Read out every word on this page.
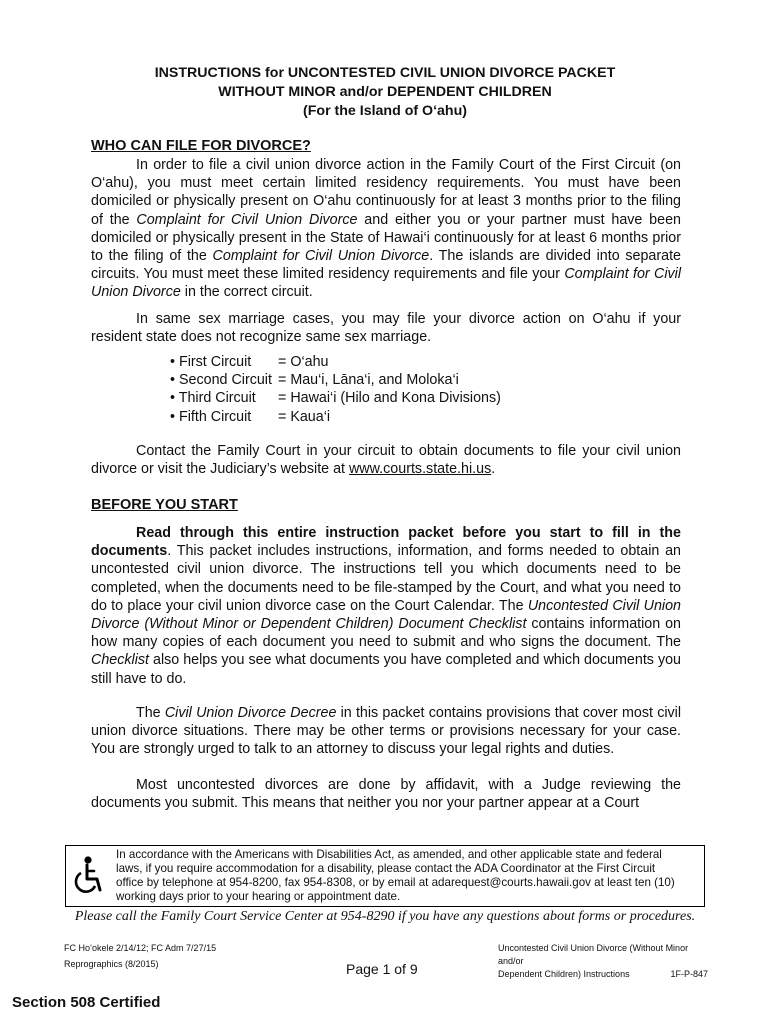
INSTRUCTIONS for UNCONTESTED CIVIL UNION DIVORCE PACKET
WITHOUT MINOR and/or DEPENDENT CHILDREN
(For the Island of O‘ahu)
WHO CAN FILE FOR DIVORCE?
In order to file a civil union divorce action in the Family Court of the First Circuit (on O‘ahu), you must meet certain limited residency requirements. You must have been domiciled or physically present on O‘ahu continuously for at least 3 months prior to the filing of the Complaint for Civil Union Divorce and either you or your partner must have been domiciled or physically present in the State of Hawai‘i continuously for at least 6 months prior to the filing of the Complaint for Civil Union Divorce. The islands are divided into separate circuits. You must meet these limited residency requirements and file your Complaint for Civil Union Divorce in the correct circuit.
In same sex marriage cases, you may file your divorce action on O‘ahu if your resident state does not recognize same sex marriage.
• First Circuit = O‘ahu
• Second Circuit = Mau‘i, Lāna‘i, and Moloka‘i
• Third Circuit = Hawai‘i (Hilo and Kona Divisions)
• Fifth Circuit = Kaua‘i
Contact the Family Court in your circuit to obtain documents to file your civil union divorce or visit the Judiciary’s website at www.courts.state.hi.us.
BEFORE YOU START
Read through this entire instruction packet before you start to fill in the documents. This packet includes instructions, information, and forms needed to obtain an uncontested civil union divorce. The instructions tell you which documents need to be completed, when the documents need to be file-stamped by the Court, and what you need to do to place your civil union divorce case on the Court Calendar. The Uncontested Civil Union Divorce (Without Minor or Dependent Children) Document Checklist contains information on how many copies of each document you need to submit and who signs the document. The Checklist also helps you see what documents you have completed and which documents you still have to do.
The Civil Union Divorce Decree in this packet contains provisions that cover most civil union divorce situations. There may be other terms or provisions necessary for your case. You are strongly urged to talk to an attorney to discuss your legal rights and duties.
Most uncontested divorces are done by affidavit, with a Judge reviewing the documents you submit. This means that neither you nor your partner appear at a Court
In accordance with the Americans with Disabilities Act, as amended, and other applicable state and federal
laws, if you require accommodation for a disability, please contact the ADA Coordinator at the First Circuit
office by telephone at 954-8200, fax 954-8308, or by email at adarequest@courts.hawaii.gov at least ten (10)
working days prior to your hearing or appointment date.
Please call the Family Court Service Center at 954-8290 if you have any questions about forms or procedures.
FC Ho‘okele 2/14/12; FC Adm 7/27/15
Reprographics (8/2015)	Page 1 of 9
Uncontested Civil Union Divorce (Without Minor and/or
Dependent Children) Instructions	1F-P-847
Section 508 Certified
